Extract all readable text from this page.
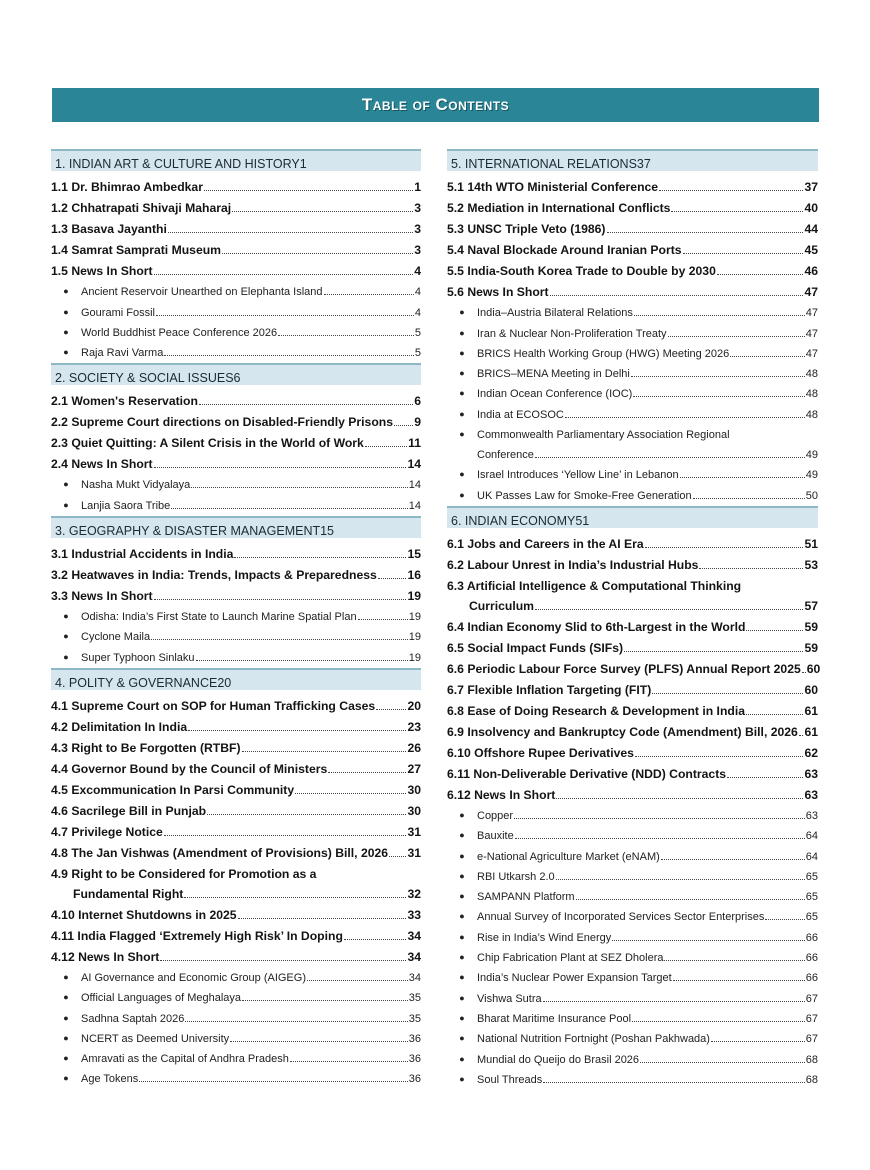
Table of Contents
1. INDIAN ART & CULTURE AND HISTORY 1
1.1 Dr. Bhimrao Ambedkar	1
1.2 Chhatrapati Shivaji Maharaj	3
1.3 Basava Jayanthi	3
1.4 Samrat Samprati Museum	3
1.5 News In Short	4
●	Ancient Reservoir Unearthed on Elephanta Island	4
●	Gourami Fossil	4
●	World Buddhist Peace Conference 2026	5
●	Raja Ravi Varma	5
2. SOCIETY & SOCIAL ISSUES 6
2.1 Women's Reservation	6
2.2 Supreme Court directions on Disabled-Friendly Prisons 9
2.3 Quiet Quitting: A Silent Crisis in the World of Work	11
2.4 News In Short	14
●	Nasha Mukt Vidyalaya	14
●	Lanjia Saora Tribe	14
3. GEOGRAPHY & DISASTER MANAGEMENT 15
3.1 Industrial Accidents in India	15
3.2 Heatwaves in India: Trends, Impacts & Preparedness	16
3.3 News In Short	19
●	Odisha: India’s First State to Launch Marine Spatial Plan	19
●	Cyclone Maila	19
●	Super Typhoon Sinlaku	19
4. POLITY & GOVERNANCE 20
4.1 Supreme Court on SOP for Human Trafficking Cases	20
4.2 Delimitation In India	23
4.3 Right to Be Forgotten (RTBF)	26
4.4 Governor Bound by the Council of Ministers	27
4.5 Excommunication In Parsi Community	30
4.6 Sacrilege Bill in Punjab	30
4.7 Privilege Notice	31
4.8 The Jan Vishwas (Amendment of Provisions) Bill, 2026 31
4.9 Right to be Considered for Promotion as a
Fundamental Right	32
4.10 Internet Shutdowns in 2025	33
4.11 India Flagged ‘Extremely High Risk’ In Doping	34
4.12 News In Short	34
●	AI Governance and Economic Group (AIGEG)	34
●	Official Languages of Meghalaya	35
●	Sadhna Saptah 2026	35
●	NCERT as Deemed University	36
●	Amravati as the Capital of Andhra Pradesh	36
●	Age Tokens	36
5. INTERNATIONAL RELATIONS 37
5.1 14th WTO Ministerial Conference	37
5.2 Mediation in International Conflicts	40
5.3 UNSC Triple Veto (1986)	44
5.4 Naval Blockade Around Iranian Ports	45
5.5 India-South Korea Trade to Double by 2030	46
5.6 News In Short	47
●	India–Austria Bilateral Relations	47
●	Iran & Nuclear Non-Proliferation Treaty	47
●	BRICS Health Working Group (HWG) Meeting 2026	47
●	BRICS–MENA Meeting in Delhi	48
●	Indian Ocean Conference (IOC)	48
●	India at ECOSOC	48
●	Commonwealth Parliamentary Association Regional
Conference	49
●	Israel Introduces ‘Yellow Line’ in Lebanon	49
●	UK Passes Law for Smoke-Free Generation	50
6. INDIAN ECONOMY 51
6.1 Jobs and Careers in the AI Era	51
6.2 Labour Unrest in India’s Industrial Hubs	53
6.3 Artificial Intelligence & Computational Thinking
Curriculum	57
6.4 Indian Economy Slid to 6th-Largest in the World	59
6.5 Social Impact Funds (SIFs)	59
6.6 Periodic Labour Force Survey (PLFS) Annual Report 2025 60
6.7 Flexible Inflation Targeting (FIT)	60
6.8 Ease of Doing Research & Development in India	61
6.9 Insolvency and Bankruptcy Code (Amendment) Bill, 2026 61
6.10 Offshore Rupee Derivatives	62
6.11 Non-Deliverable Derivative (NDD) Contracts	63
6.12 News In Short	63
●	Copper	63
●	Bauxite	64
●	e-National Agriculture Market (eNAM)	64
●	RBI Utkarsh 2.0	65
●	SAMPANN Platform	65
●	Annual Survey of Incorporated Services Sector Enterprises	65
●	Rise in India’s Wind Energy	66
●	Chip Fabrication Plant at SEZ Dholera	66
●	India’s Nuclear Power Expansion Target	66
●	Vishwa Sutra	67
●	Bharat Maritime Insurance Pool	67
●	National Nutrition Fortnight (Poshan Pakhwada)	67
●	Mundial do Queijo do Brasil 2026	68
●	Soul Threads	68
